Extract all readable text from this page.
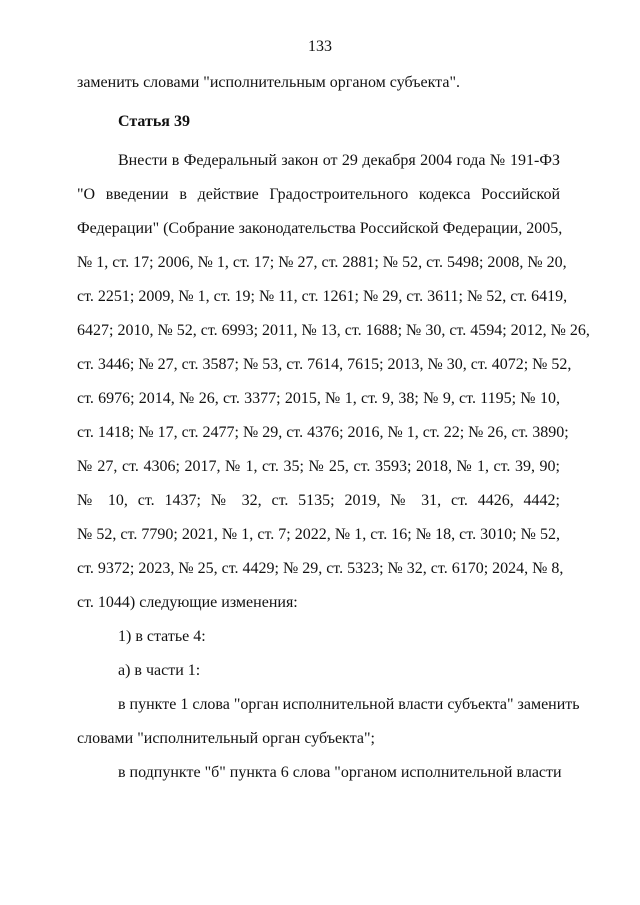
133
заменить словами "исполнительным органом субъекта".
Статья 39
Внести в Федеральный закон от 29 декабря 2004 года № 191-ФЗ
"О введении в действие Градостроительного кодекса Российской
Федерации" (Собрание законодательства Российской Федерации, 2005,
№ 1, ст. 17; 2006, № 1, ст. 17; № 27, ст. 2881; № 52, ст. 5498; 2008, № 20,
ст. 2251; 2009, № 1, ст. 19; № 11, ст. 1261; № 29, ст. 3611; № 52, ст. 6419,
6427; 2010, № 52, ст. 6993; 2011, № 13, ст. 1688; № 30, ст. 4594; 2012, № 26,
ст. 3446; № 27, ст. 3587; № 53, ст. 7614, 7615; 2013, № 30, ст. 4072; № 52,
ст. 6976; 2014, № 26, ст. 3377; 2015, № 1, ст. 9, 38; № 9, ст. 1195; № 10,
ст. 1418; № 17, ст. 2477; № 29, ст. 4376; 2016, № 1, ст. 22; № 26, ст. 3890;
№ 27, ст. 4306; 2017, № 1, ст. 35; № 25, ст. 3593; 2018, № 1, ст. 39, 90;
№ 10, ст. 1437; № 32, ст. 5135; 2019, № 31, ст. 4426, 4442;
№ 52, ст. 7790; 2021, № 1, ст. 7; 2022, № 1, ст. 16; № 18, ст. 3010; № 52,
ст. 9372; 2023, № 25, ст. 4429; № 29, ст. 5323; № 32, ст. 6170; 2024, № 8,
ст. 1044) следующие изменения:
1) в статье 4:
а) в части 1:
в пункте 1 слова "орган исполнительной власти субъекта" заменить
словами "исполнительный орган субъекта";
в подпункте "б" пункта 6 слова "органом исполнительной власти
